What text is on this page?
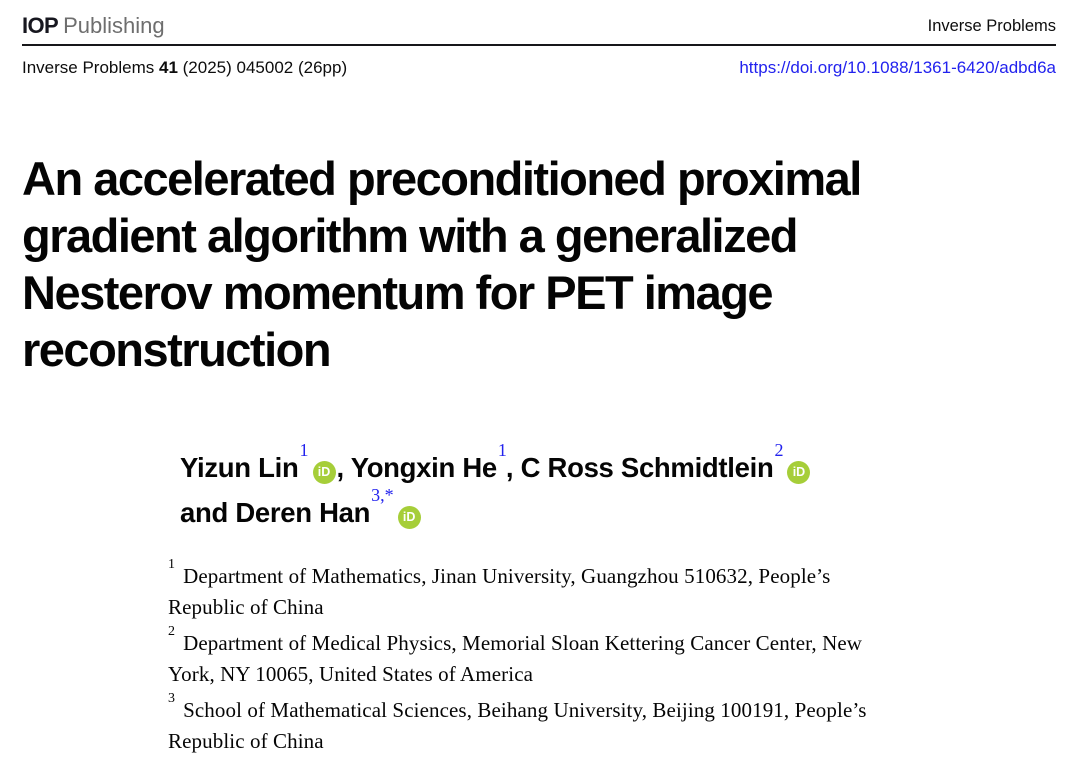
IOP Publishing	Inverse Problems
Inverse Problems 41 (2025) 045002 (26pp)	https://doi.org/10.1088/1361-6420/adbd6a
An accelerated preconditioned proximal
gradient algorithm with a generalized
Nesterov momentum for PET image
reconstruction
Yizun Lin$^1$iD , Yongxin He$^1$, C Ross Schmidtlein$^2$iD
and Deren Han$^{3,*}$iD

$^1$ Department of Mathematics, Jinan University, Guangzhou 510632, People’s
Republic of China

$^2$ Department of Medical Physics, Memorial Sloan Kettering Cancer Center, New
York, NY 10065, United States of America

$^3$ School of Mathematical Sciences, Beihang University, Beijing 100191, People’s
Republic of China
